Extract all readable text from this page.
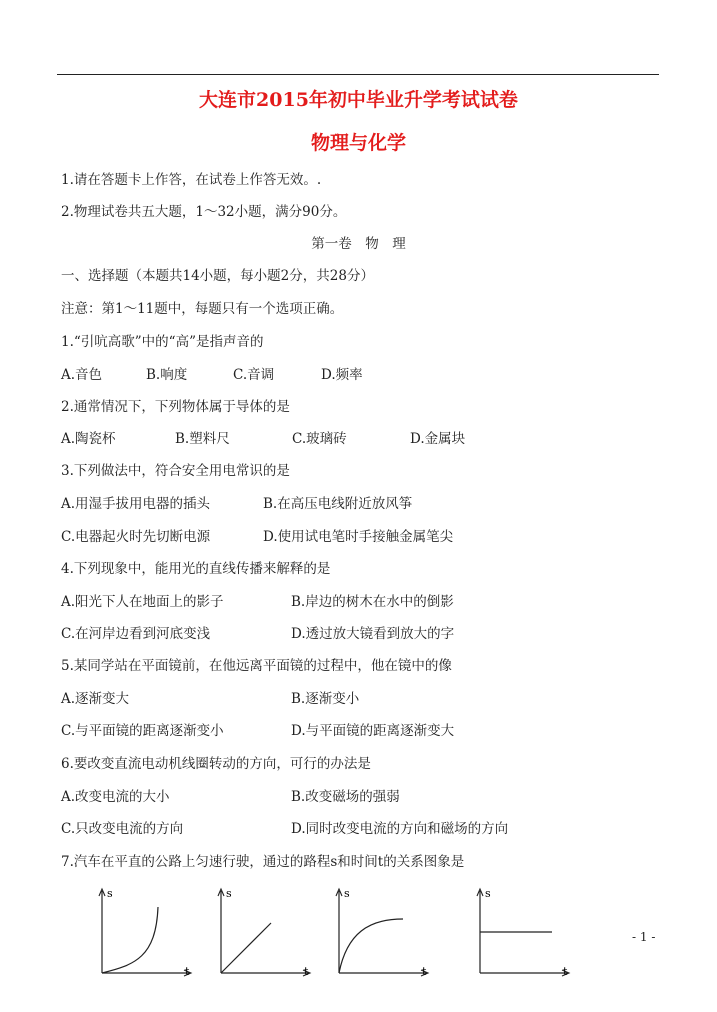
大连市2015年初中毕业升学考试试卷
物理与化学
1.请在答题卡上作答，在试卷上作答无效。.
2.物理试卷共五大题，1～32小题，满分90分。
第一卷　物　理
一、选择题（本题共14小题，每小题2分，共28分）
注意：第1～11题中，每题只有一个选项正确。
1.“引吭高歌”中的“高”是指声音的
A.音色	B.响度	C.音调	D.频率
2.通常情况下，下列物体属于导体的是
A.陶瓷杯	B.塑料尺	C.玻璃砖	D.金属块
3.下列做法中，符合安全用电常识的是
A.用湿手拔用电器的插头	B.在高压电线附近放风筝
C.电器起火时先切断电源	D.使用试电笔时手接触金属笔尖
4.下列现象中，能用光的直线传播来解释的是
A.阳光下人在地面上的影子	B.岸边的树木在水中的倒影
C.在河岸边看到河底变浅	D.透过放大镜看到放大的字
5.某同学站在平面镜前，在他远离平面镜的过程中，他在镜中的像
A.逐渐变大	B.逐渐变小
C.与平面镜的距离逐渐变小	D.与平面镜的距离逐渐变大
6.要改变直流电动机线圈转动的方向，可行的办法是
A.改变电流的大小	B.改变磁场的强弱
C.只改变电流的方向	D.同时改变电流的方向和磁场的方向
7.汽车在平直的公路上匀速行驶，通过的路程s和时间t的关系图象是
s
t
s
t
s
t
s
t
- 1 -
